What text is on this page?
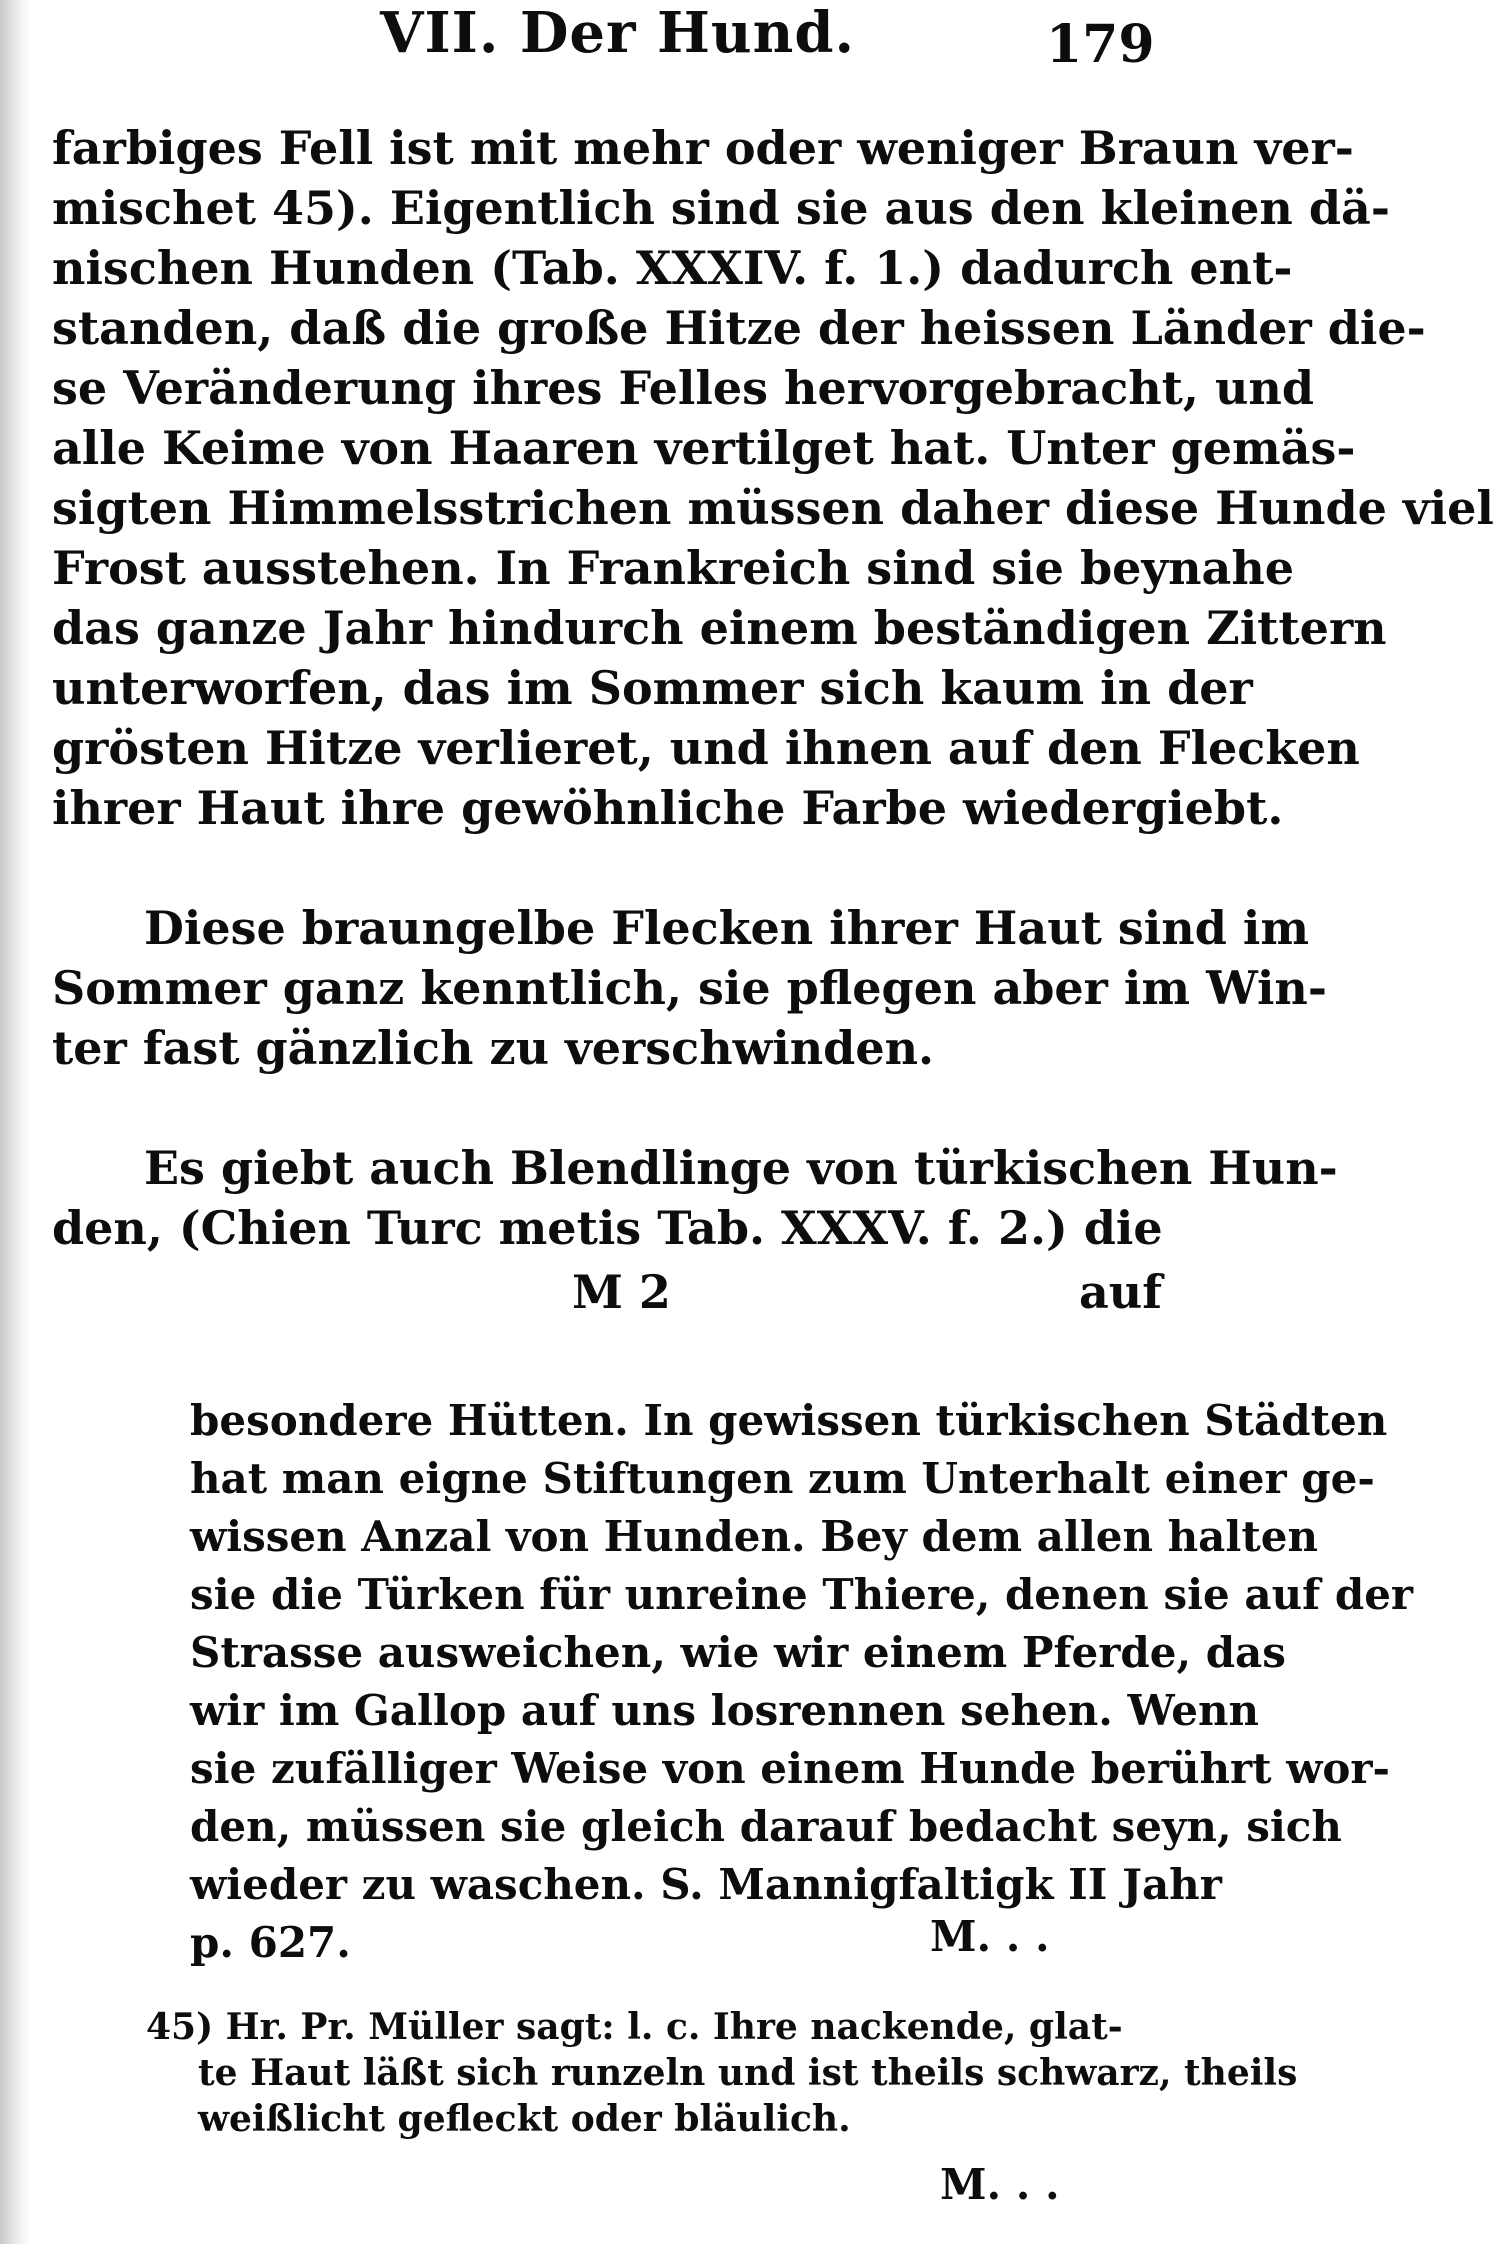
VII. Der Hund.	179
farbiges Fell ist mit mehr oder weniger Braun ver-
mischet 45). Eigentlich sind sie aus den kleinen dä-
nischen Hunden (Tab. XXXIV. f. 1.) dadurch ent-
standen, daß die große Hitze der heissen Länder die-
se Veränderung ihres Felles hervorgebracht, und
alle Keime von Haaren vertilget hat. Unter gemäs-
sigten Himmelsstrichen müssen daher diese Hunde viel
Frost ausstehen. In Frankreich sind sie beynahe
das ganze Jahr hindurch einem beständigen Zittern
unterworfen, das im Sommer sich kaum in der
grösten Hitze verlieret, und ihnen auf den Flecken
ihrer Haut ihre gewöhnliche Farbe wiedergiebt.
Diese braungelbe Flecken ihrer Haut sind im
Sommer ganz kenntlich, sie pflegen aber im Win-
ter fast gänzlich zu verschwinden.
Es giebt auch Blendlinge von türkischen Hun-
den, (Chien Turc metis Tab. XXXV. f. 2.) die
M 2	auf
besondere Hütten. In gewissen türkischen Städten
hat man eigne Stiftungen zum Unterhalt einer ge-
wissen Anzal von Hunden. Bey dem allen halten
sie die Türken für unreine Thiere, denen sie auf der
Strasse ausweichen, wie wir einem Pferde, das
wir im Gallop auf uns losrennen sehen. Wenn
sie zufälliger Weise von einem Hunde berührt wor-
den, müssen sie gleich darauf bedacht seyn, sich
wieder zu waschen. S. Mannigfaltigk II Jahr
p. 627.	M. . .
45) Hr. Pr. Müller sagt: l. c. Ihre nackende, glat-
te Haut läßt sich runzeln und ist theils schwarz, theils
weißlicht gefleckt oder bläulich.
M. . .
